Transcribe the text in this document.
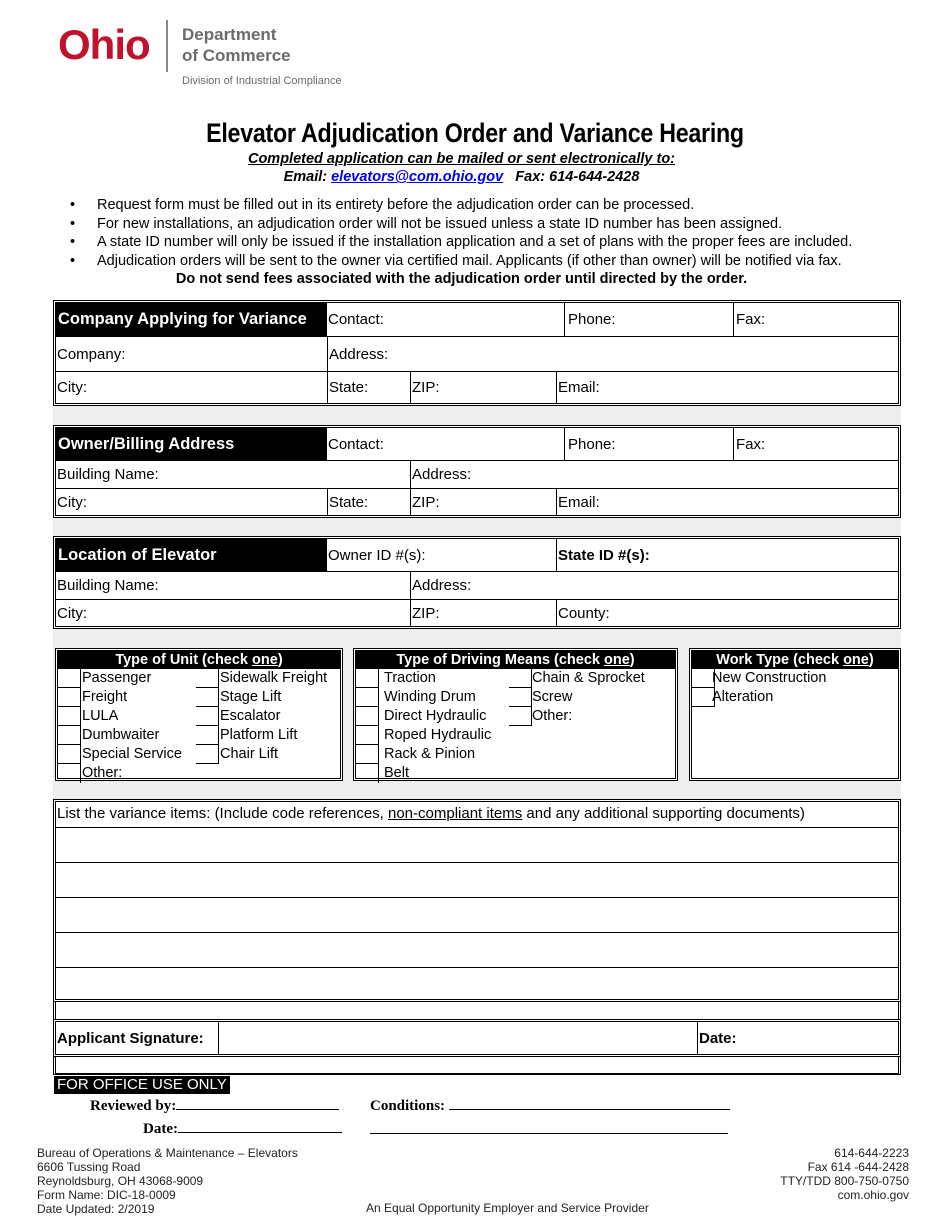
Ohio Department
of Commerce
Division of Industrial Compliance
Elevator Adjudication Order and Variance Hearing
Completed application can be mailed or sent electronically to:
Email: elevators@com.ohio.gov Fax: 614-644-2428
• Request form must be filled out in its entirety before the adjudication order can be processed.
• For new installations, an adjudication order will not be issued unless a state ID number has been assigned.
• A state ID number will only be issued if the installation application and a set of plans with the proper fees are included.
• Adjudication orders will be sent to the owner via certified mail. Applicants (if other than owner) will be notified via fax.
Do not send fees associated with the adjudication order until directed by the order.
Company Applying for Variance	Contact:	Phone:	Fax:
Company:	Address:
City:	State:	ZIP:	Email:
Owner/Billing Address	Contact:	Phone:	Fax:
Building Name:	Address:
City:	State:	ZIP:	Email:
Location of Elevator	Owner ID #(s):	State ID #(s):
Building Name:	Address:
City:	ZIP:	County:
Type of Unit (check one)
Passenger
Freight
LULA
Dumbwaiter
Special Service
Other:
Sidewalk Freight
Stage Lift
Escalator
Platform Lift
Chair Lift
Type of Driving Means (check one)
Traction
Winding Drum
Direct Hydraulic
Roped Hydraulic
Rack & Pinion
Belt
Chain & Sprocket
Screw
Other:
Work Type (check one)
New Construction
Alteration
List the variance items: (Include code references, non-compliant items and any additional supporting documents)
Applicant Signature:	Date:
FOR OFFICE USE ONLY
Reviewed by:
Date:
Conditions:
Bureau of Operations & Maintenance – Elevators
6606 Tussing Road
Reynoldsburg, OH 43068-9009
Form Name: DIC-18-0009
Date Updated: 2/2019
614-644-2223
Fax 614 -644-2428
TTY/TDD 800-750-0750
com.ohio.gov
An Equal Opportunity Employer and Service Provider
